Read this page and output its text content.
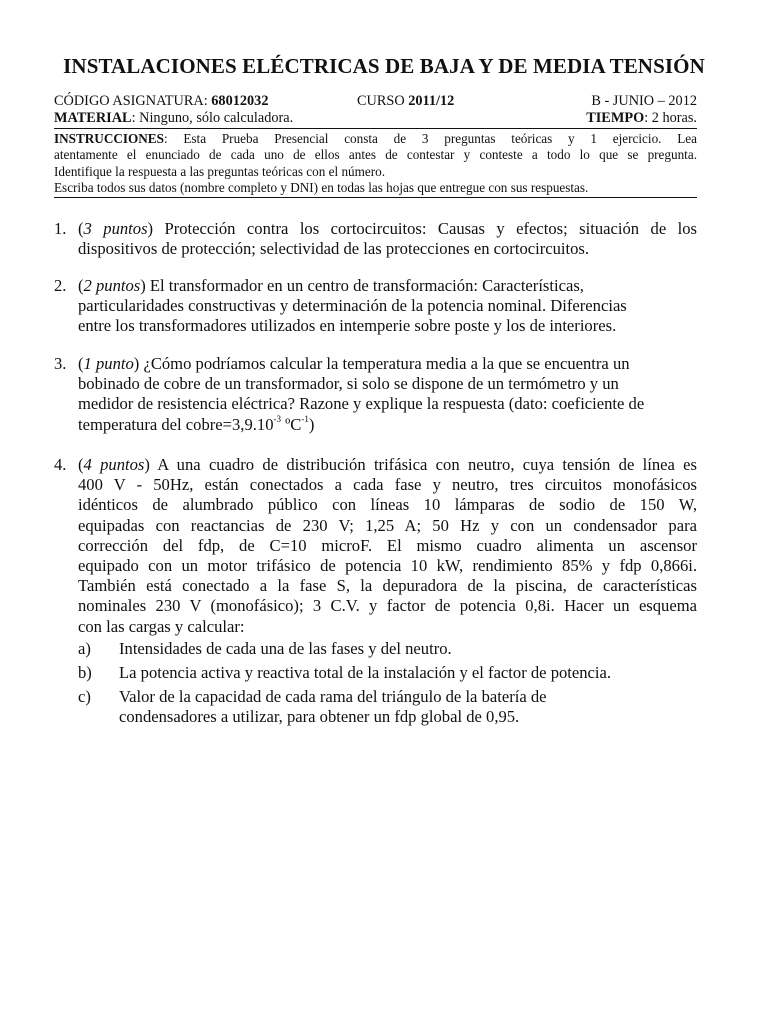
INSTALACIONES ELÉCTRICAS DE BAJA Y DE MEDIA TENSIÓN
CÓDIGO ASIGNATURA: 68012032	CURSO 2011/12	B - JUNIO – 2012
MATERIAL: Ninguno, sólo calculadora.	TIEMPO: 2 horas.
INSTRUCCIONES: Esta Prueba Presencial consta de 3 preguntas teóricas y 1 ejercicio. Lea
atentamente el enunciado de cada uno de ellos antes de contestar y conteste a todo lo que se pregunta.
Identifique la respuesta a las preguntas teóricas con el número.
Escriba todos sus datos (nombre completo y DNI) en todas las hojas que entregue con sus respuestas.
1. (3 puntos) Protección contra los cortocircuitos: Causas y efectos; situación de los
dispositivos de protección; selectividad de las protecciones en cortocircuitos.
2. (2 puntos) El transformador en un centro de transformación: Características,
particularidades constructivas y determinación de la potencia nominal. Diferencias
entre los transformadores utilizados en intemperie sobre poste y los de interiores.
3. (1 punto) ¿Cómo podríamos calcular la temperatura media a la que se encuentra un
bobinado de cobre de un transformador, si solo se dispone de un termómetro y un
medidor de resistencia eléctrica? Razone y explique la respuesta (dato: coeficiente de
temperatura del $cobre=3,9.10^{-3}$ ºC$^{-1}$)
4. (4 puntos) A una cuadro de distribución trifásica con neutro, cuya tensión de línea es
400 V - 50Hz, están conectados a cada fase y neutro, tres circuitos monofásicos
idénticos de alumbrado público con líneas 10 lámparas de sodio de 150 W,
equipadas con reactancias de 230 V; 1,25 A; 50 Hz y con un condensador para
corrección del fdp, de C=10 microF. El mismo cuadro alimenta un ascensor
equipado con un motor trifásico de potencia 10 kW, rendimiento 85% y fdp 0,866i.
También está conectado a la fase S, la depuradora de la piscina, de características
nominales 230 V (monofásico); 3 C.V. y factor de potencia 0,8i. Hacer un esquema
con las cargas y calcular:
a) Intensidades de cada una de las fases y del neutro.
b) La potencia activa y reactiva total de la instalación y el factor de potencia.
c) Valor de la capacidad de cada rama del triángulo de la batería de
condensadores a utilizar, para obtener un fdp global de 0,95.
